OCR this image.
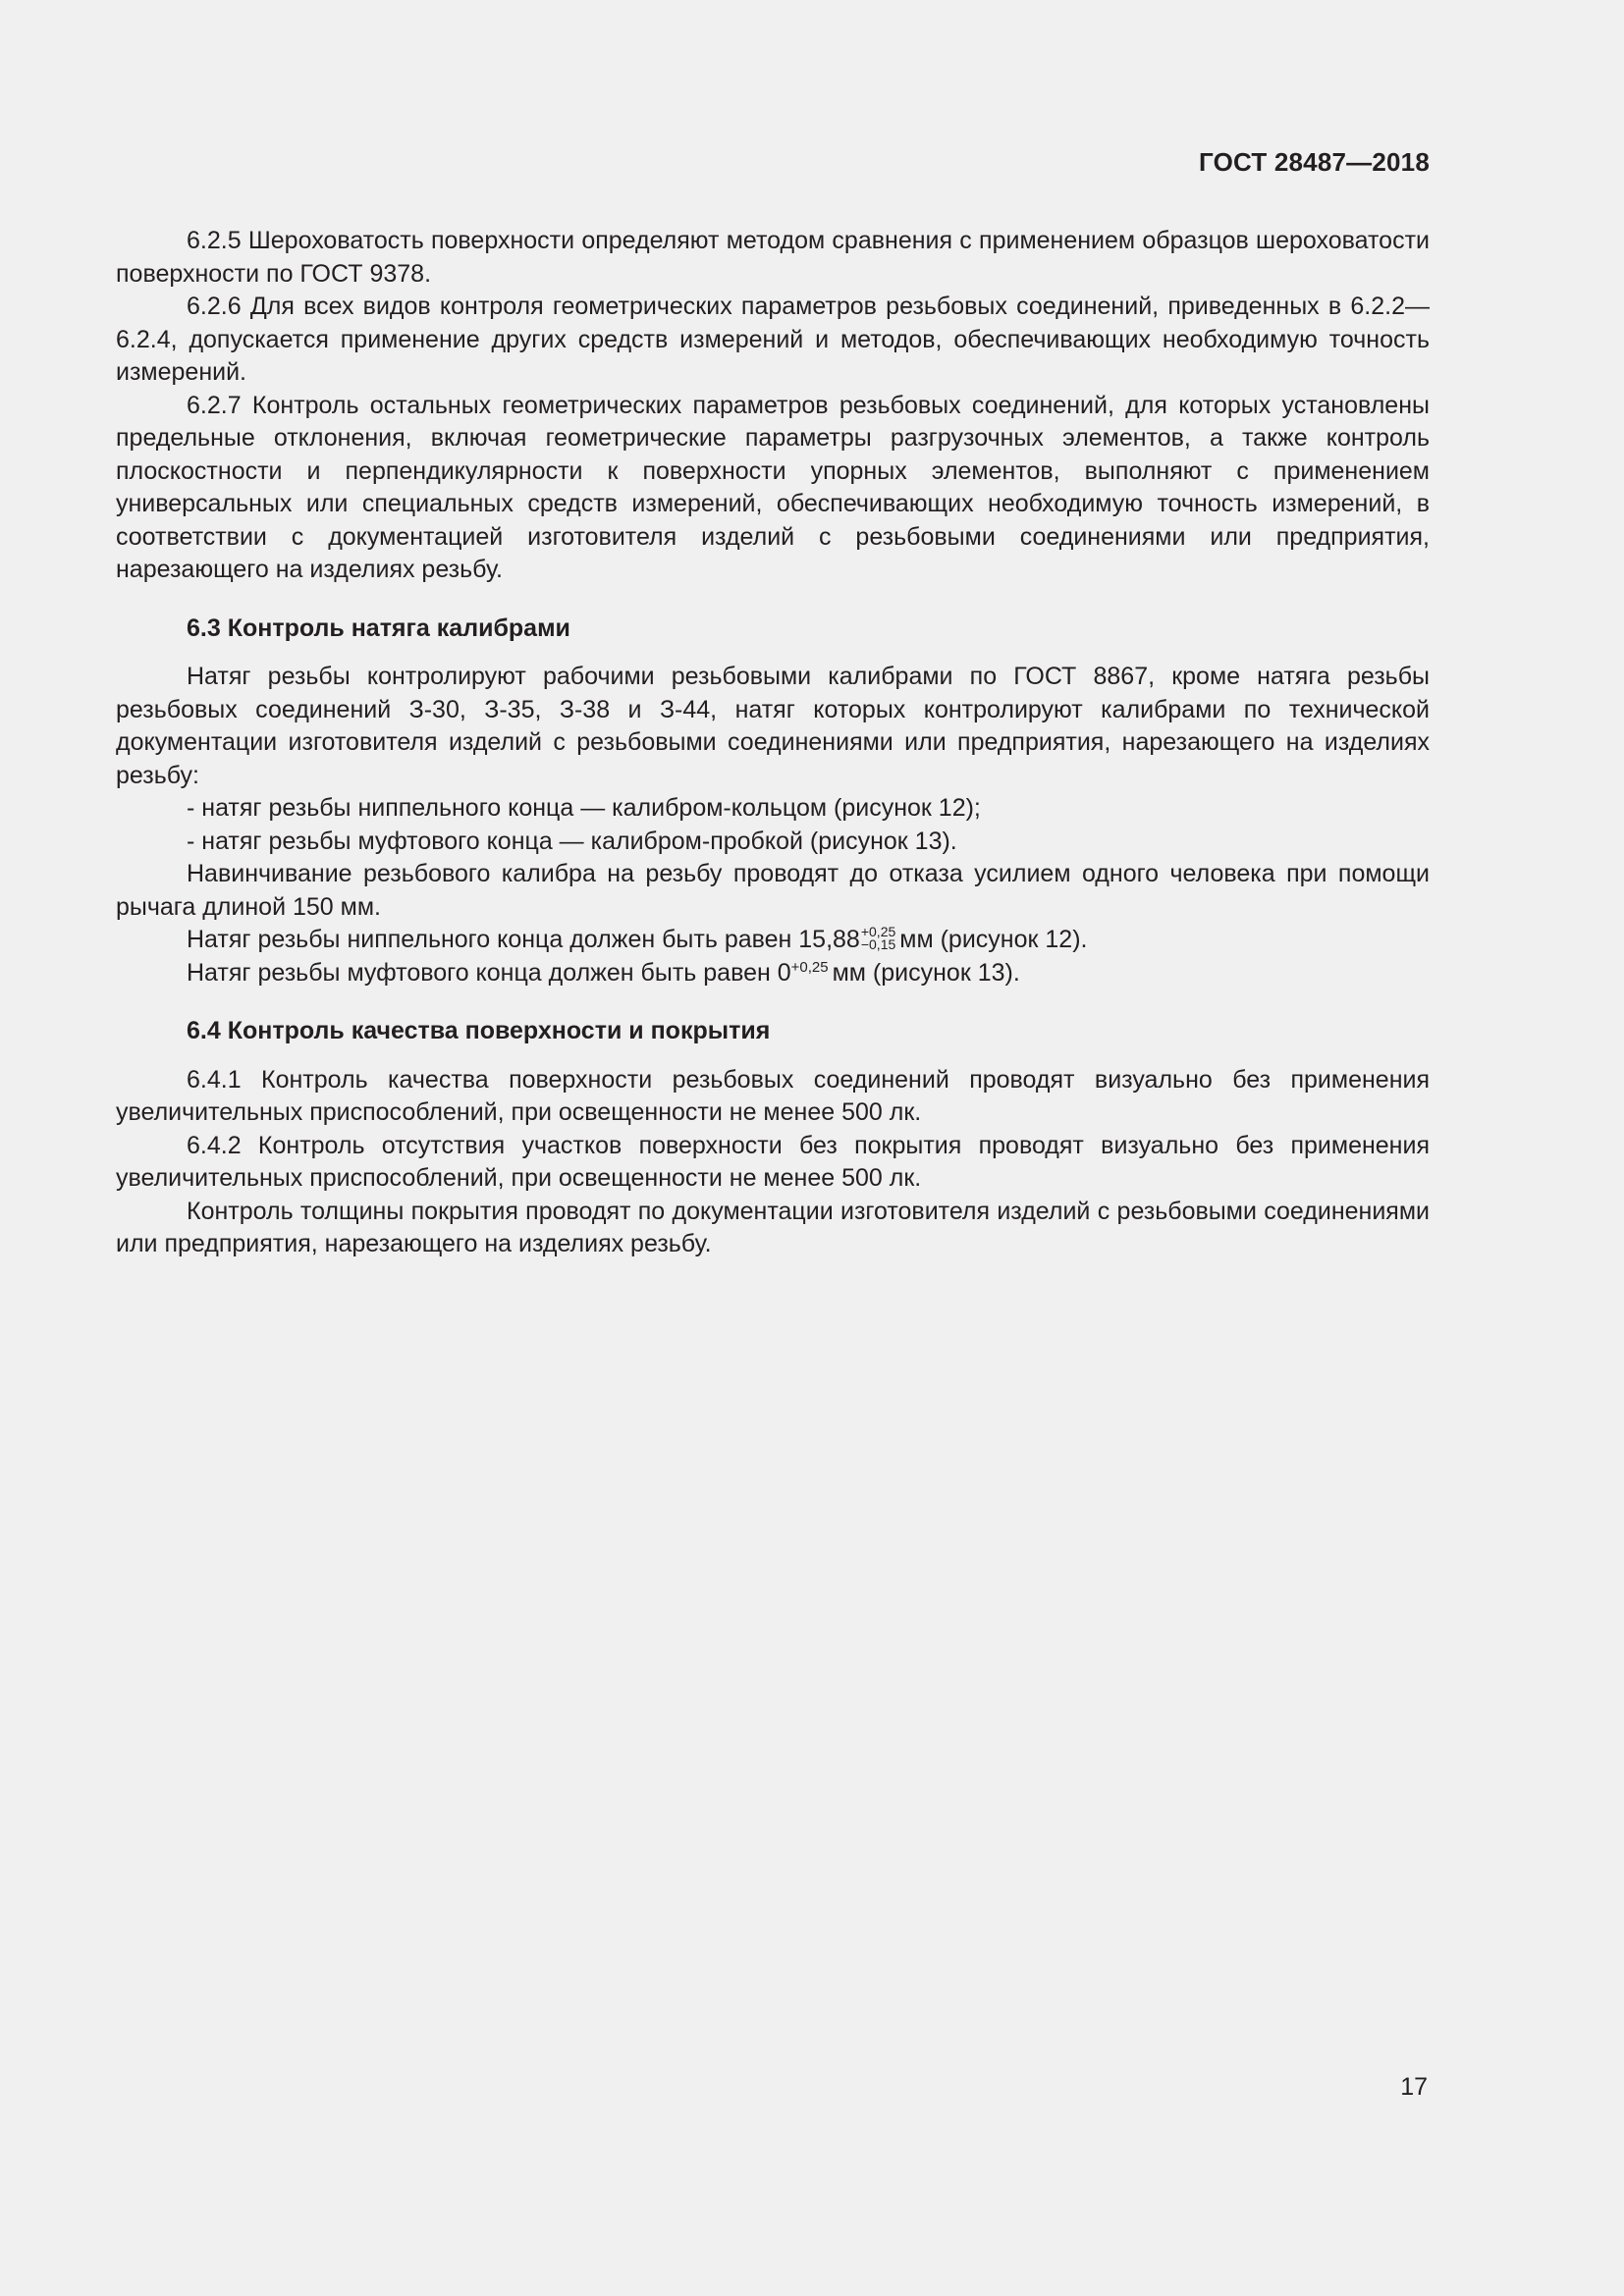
ГОСТ 28487—2018

6.2.5 Шероховатость поверхности определяют методом сравнения с применением образцов шероховатости поверхности по ГОСТ 9378.

6.2.6 Для всех видов контроля геометрических параметров резьбовых соединений, приведенных в 6.2.2—6.2.4, допускается применение других средств измерений и методов, обеспечивающих необходимую точность измерений.

6.2.7 Контроль остальных геометрических параметров резьбовых соединений, для которых установлены предельные отклонения, включая геометрические параметры разгрузочных элементов, а также контроль плоскостности и перпендикулярности к поверхности упорных элементов, выполняют с применением универсальных или специальных средств измерений, обеспечивающих необходимую точность измерений, в соответствии с документацией изготовителя изделий с резьбовыми соединениями или предприятия, нарезающего на изделиях резьбу.

6.3 Контроль натяга калибрами

Натяг резьбы контролируют рабочими резьбовыми калибрами по ГОСТ 8867, кроме натяга резьбы резьбовых соединений З-30, З-35, З-38 и З-44, натяг которых контролируют калибрами по технической документации изготовителя изделий с резьбовыми соединениями или предприятия, нарезающего на изделиях резьбу:

- натяг резьбы ниппельного конца — калибром-кольцом (рисунок 12);

- натяг резьбы муфтового конца — калибром-пробкой (рисунок 13).

Навинчивание резьбового калибра на резьбу проводят до отказа усилием одного человека при помощи рычага длиной 150 мм.

Натяг резьбы ниппельного конца должен быть равен 15,88 +0,25
−0,15 мм (рисунок 12).

Натяг резьбы муфтового конца должен быть равен $0^{+0,25}$ мм (рисунок 13).

6.4 Контроль качества поверхности и покрытия

6.4.1 Контроль качества поверхности резьбовых соединений проводят визуально без применения увеличительных приспособлений, при освещенности не менее 500 лк.

6.4.2 Контроль отсутствия участков поверхности без покрытия проводят визуально без применения увеличительных приспособлений, при освещенности не менее 500 лк.

Контроль толщины покрытия проводят по документации изготовителя изделий с резьбовыми соединениями или предприятия, нарезающего на изделиях резьбу.

17
